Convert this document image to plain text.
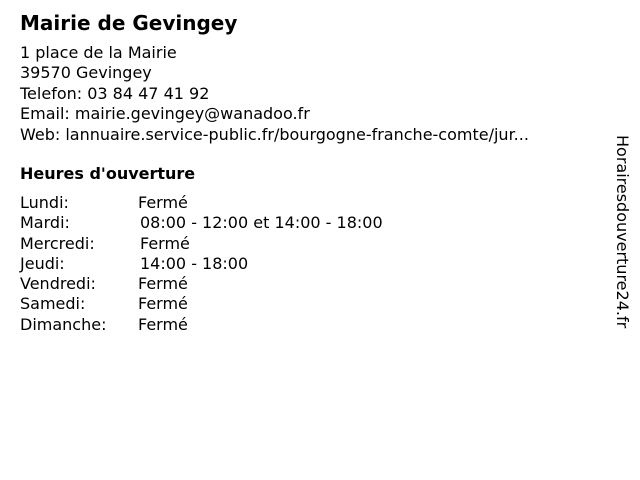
Mairie de Gevingey
1 place de la Mairie
39570 Gevingey
Telefon: 03 84 47 41 92
Email: mairie.gevingey@wanadoo.fr
Web: lannuaire.service-public.fr/bourgogne-franche-comte/jur...
Heures d'ouverture
Lundi:	Fermé
Mardi:	08:00 - 12:00 et 14:00 - 18:00
Mercredi:	Fermé
Jeudi:	14:00 - 18:00
Vendredi:	Fermé
Samedi:	Fermé
Dimanche: Fermé	Horairesdouverture24.fr
